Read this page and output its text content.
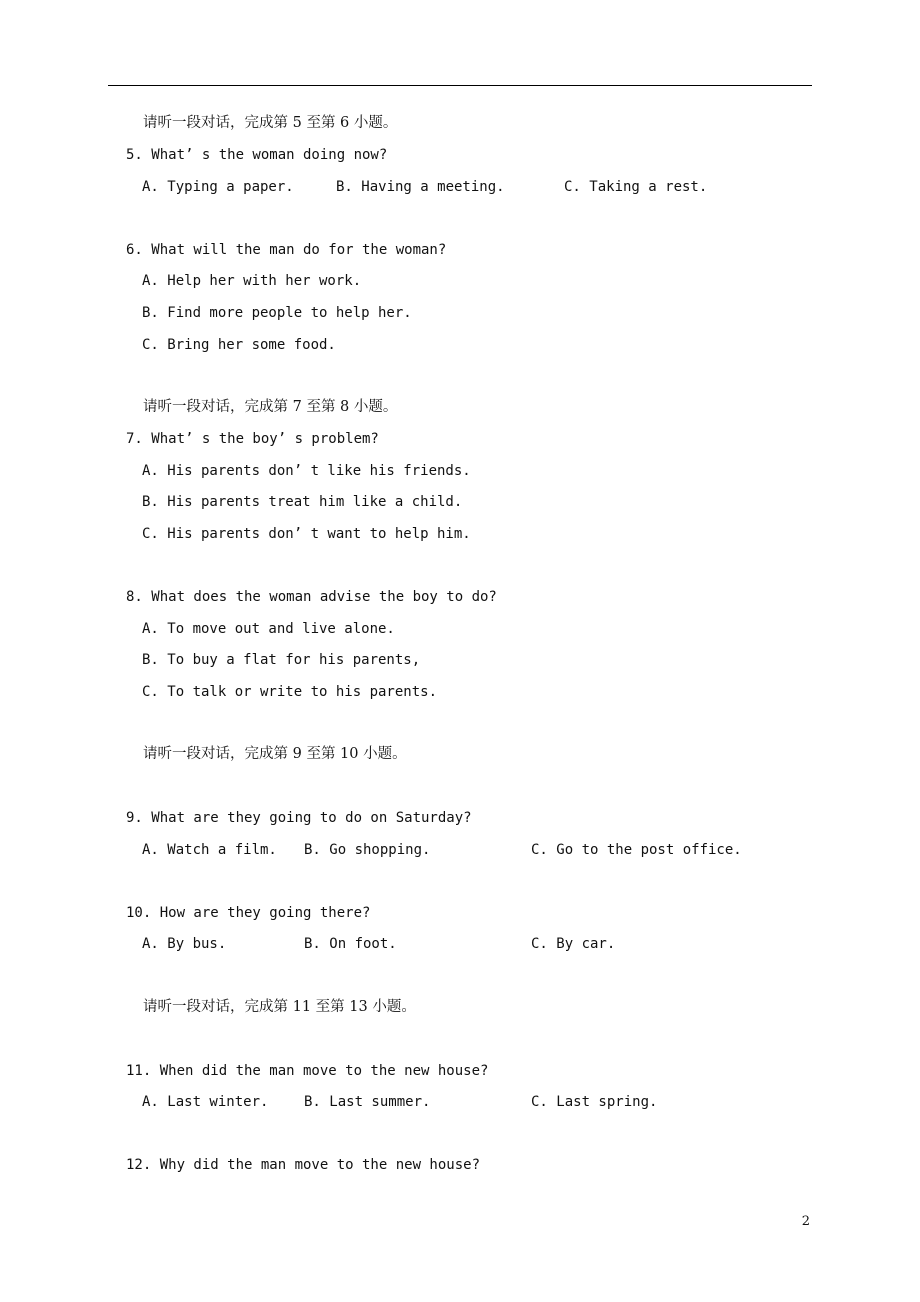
请听一段对话，完成第 5 至第 6 小题。
5. What’ s the woman doing now?
A. Typing a paper.	B. Having a meeting.	C. Taking a rest.
6. What will the man do for the woman?
A. Help her with her work.
B. Find more people to help her.
C. Bring her some food.
请听一段对话，完成第 7 至第 8 小题。
7. What’ s the boy’ s problem?
A. His parents don’ t like his friends.
B. His parents treat him like a child.
C. His parents don’ t want to help him.
8. What does the woman advise the boy to do?
A. To move out and live alone.
B. To buy a flat for his parents,
C. To talk or write to his parents.
请听一段对话，完成第 9 至第 10 小题。
9. What are they going to do on Saturday?
A. Watch a film. B. Go shopping.	C. Go to the post office.
10. How are they going there?
A. By bus.	B. On foot.	C. By car.
请听一段对话，完成第 11 至第 13 小题。
11. When did the man move to the new house?
A. Last winter.	B. Last summer.	C. Last spring.
12. Why did the man move to the new house?
2
